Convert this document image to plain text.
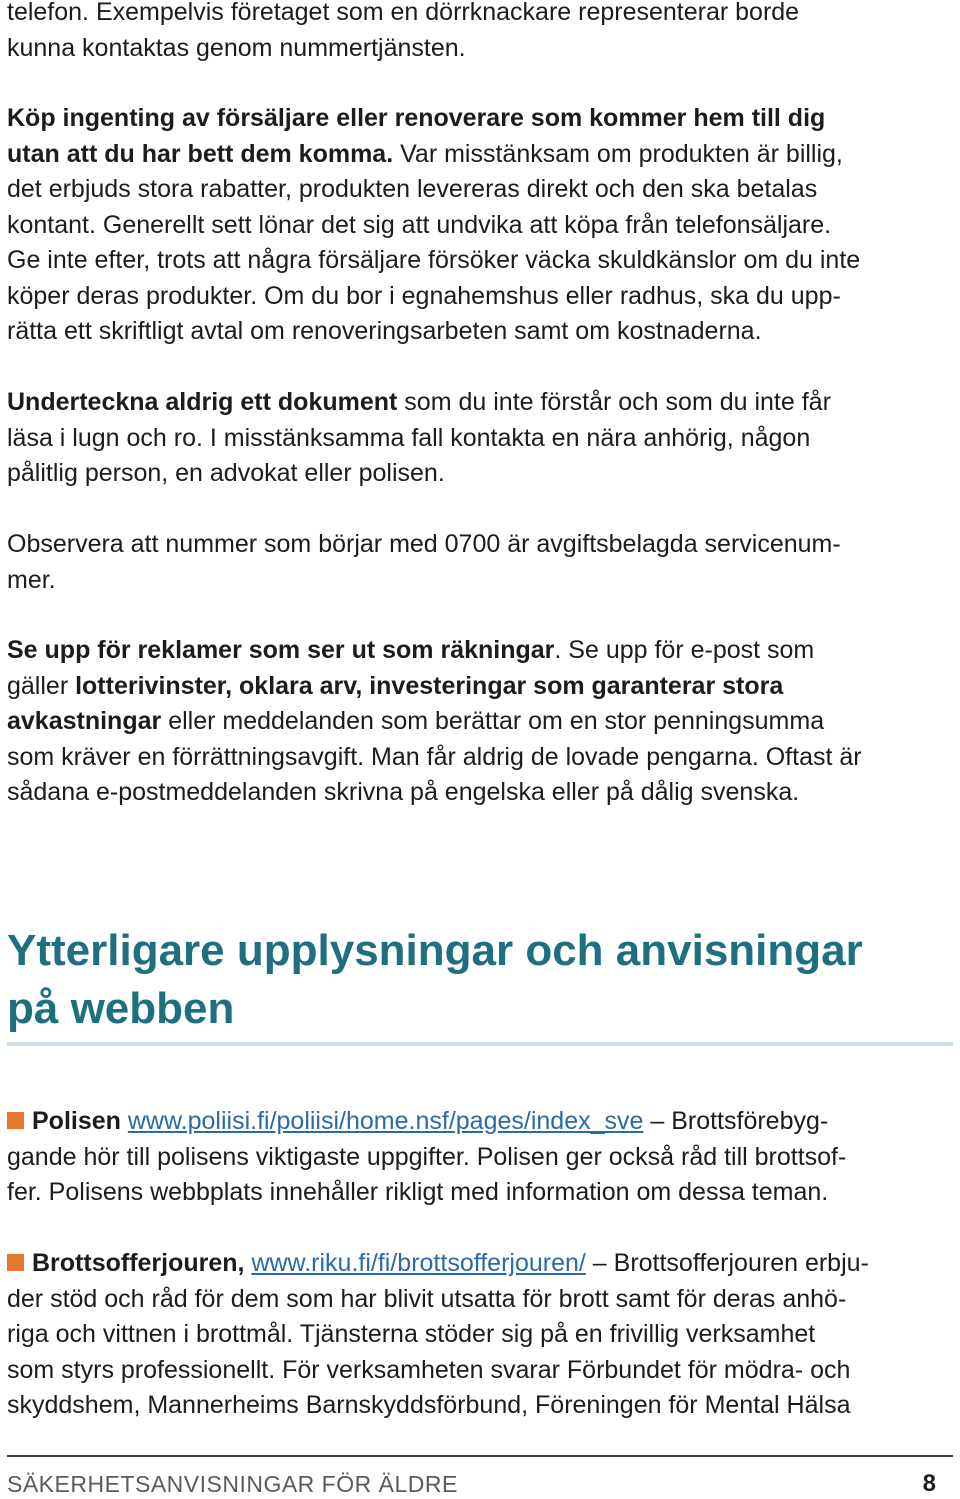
telefon. Exempelvis företaget som en dörrknackare representerar borde
kunna kontaktas genom nummertjänsten.

Köp ingenting av försäljare eller renoverare som kommer hem till dig
utan att du har bett dem komma. Var misstänksam om produkten är billig,
det erbjuds stora rabatter, produkten levereras direkt och den ska betalas
kontant. Generellt sett lönar det sig att undvika att köpa från telefonsäljare.
Ge inte efter, trots att några försäljare försöker väcka skuldkänslor om du inte
köper deras produkter. Om du bor i egnahemshus eller radhus, ska du upp-
rätta ett skriftligt avtal om renoveringsarbeten samt om kostnaderna.

Underteckna aldrig ett dokument som du inte förstår och som du inte får
läsa i lugn och ro. I misstänksamma fall kontakta en nära anhörig, någon
pålitlig person, en advokat eller polisen.

Observera att nummer som börjar med 0700 är avgiftsbelagda servicenum-
mer.

Se upp för reklamer som ser ut som räkningar. Se upp för e-post som
gäller lotterivinster, oklara arv, investeringar som garanterar stora
avkastningar eller meddelanden som berättar om en stor penningsumma
som kräver en förrättningsavgift. Man får aldrig de lovade pengarna. Oftast är
sådana e-postmeddelanden skrivna på engelska eller på dålig svenska.

Ytterligare upplysningar och anvisningar
på webben

Polisen www.poliisi.fi/poliisi/home.nsf/pages/index_sve – Brottsförebyg-
gande hör till polisens viktigaste uppgifter. Polisen ger också råd till brottsof-
fer. Polisens webbplats innehåller rikligt med information om dessa teman.

Brottsofferjouren, www.riku.fi/fi/brottsofferjouren/ – Brottsofferjouren erbju-
der stöd och råd för dem som har blivit utsatta för brott samt för deras anhö-
riga och vittnen i brottmål. Tjänsterna stöder sig på en frivillig verksamhet
som styrs professionellt. För verksamheten svarar Förbundet för mödra- och
skyddshem, Mannerheims Barnskyddsförbund, Föreningen för Mental Hälsa

SÄKERHETSANVISNINGAR FÖR ÄLDRE	8
